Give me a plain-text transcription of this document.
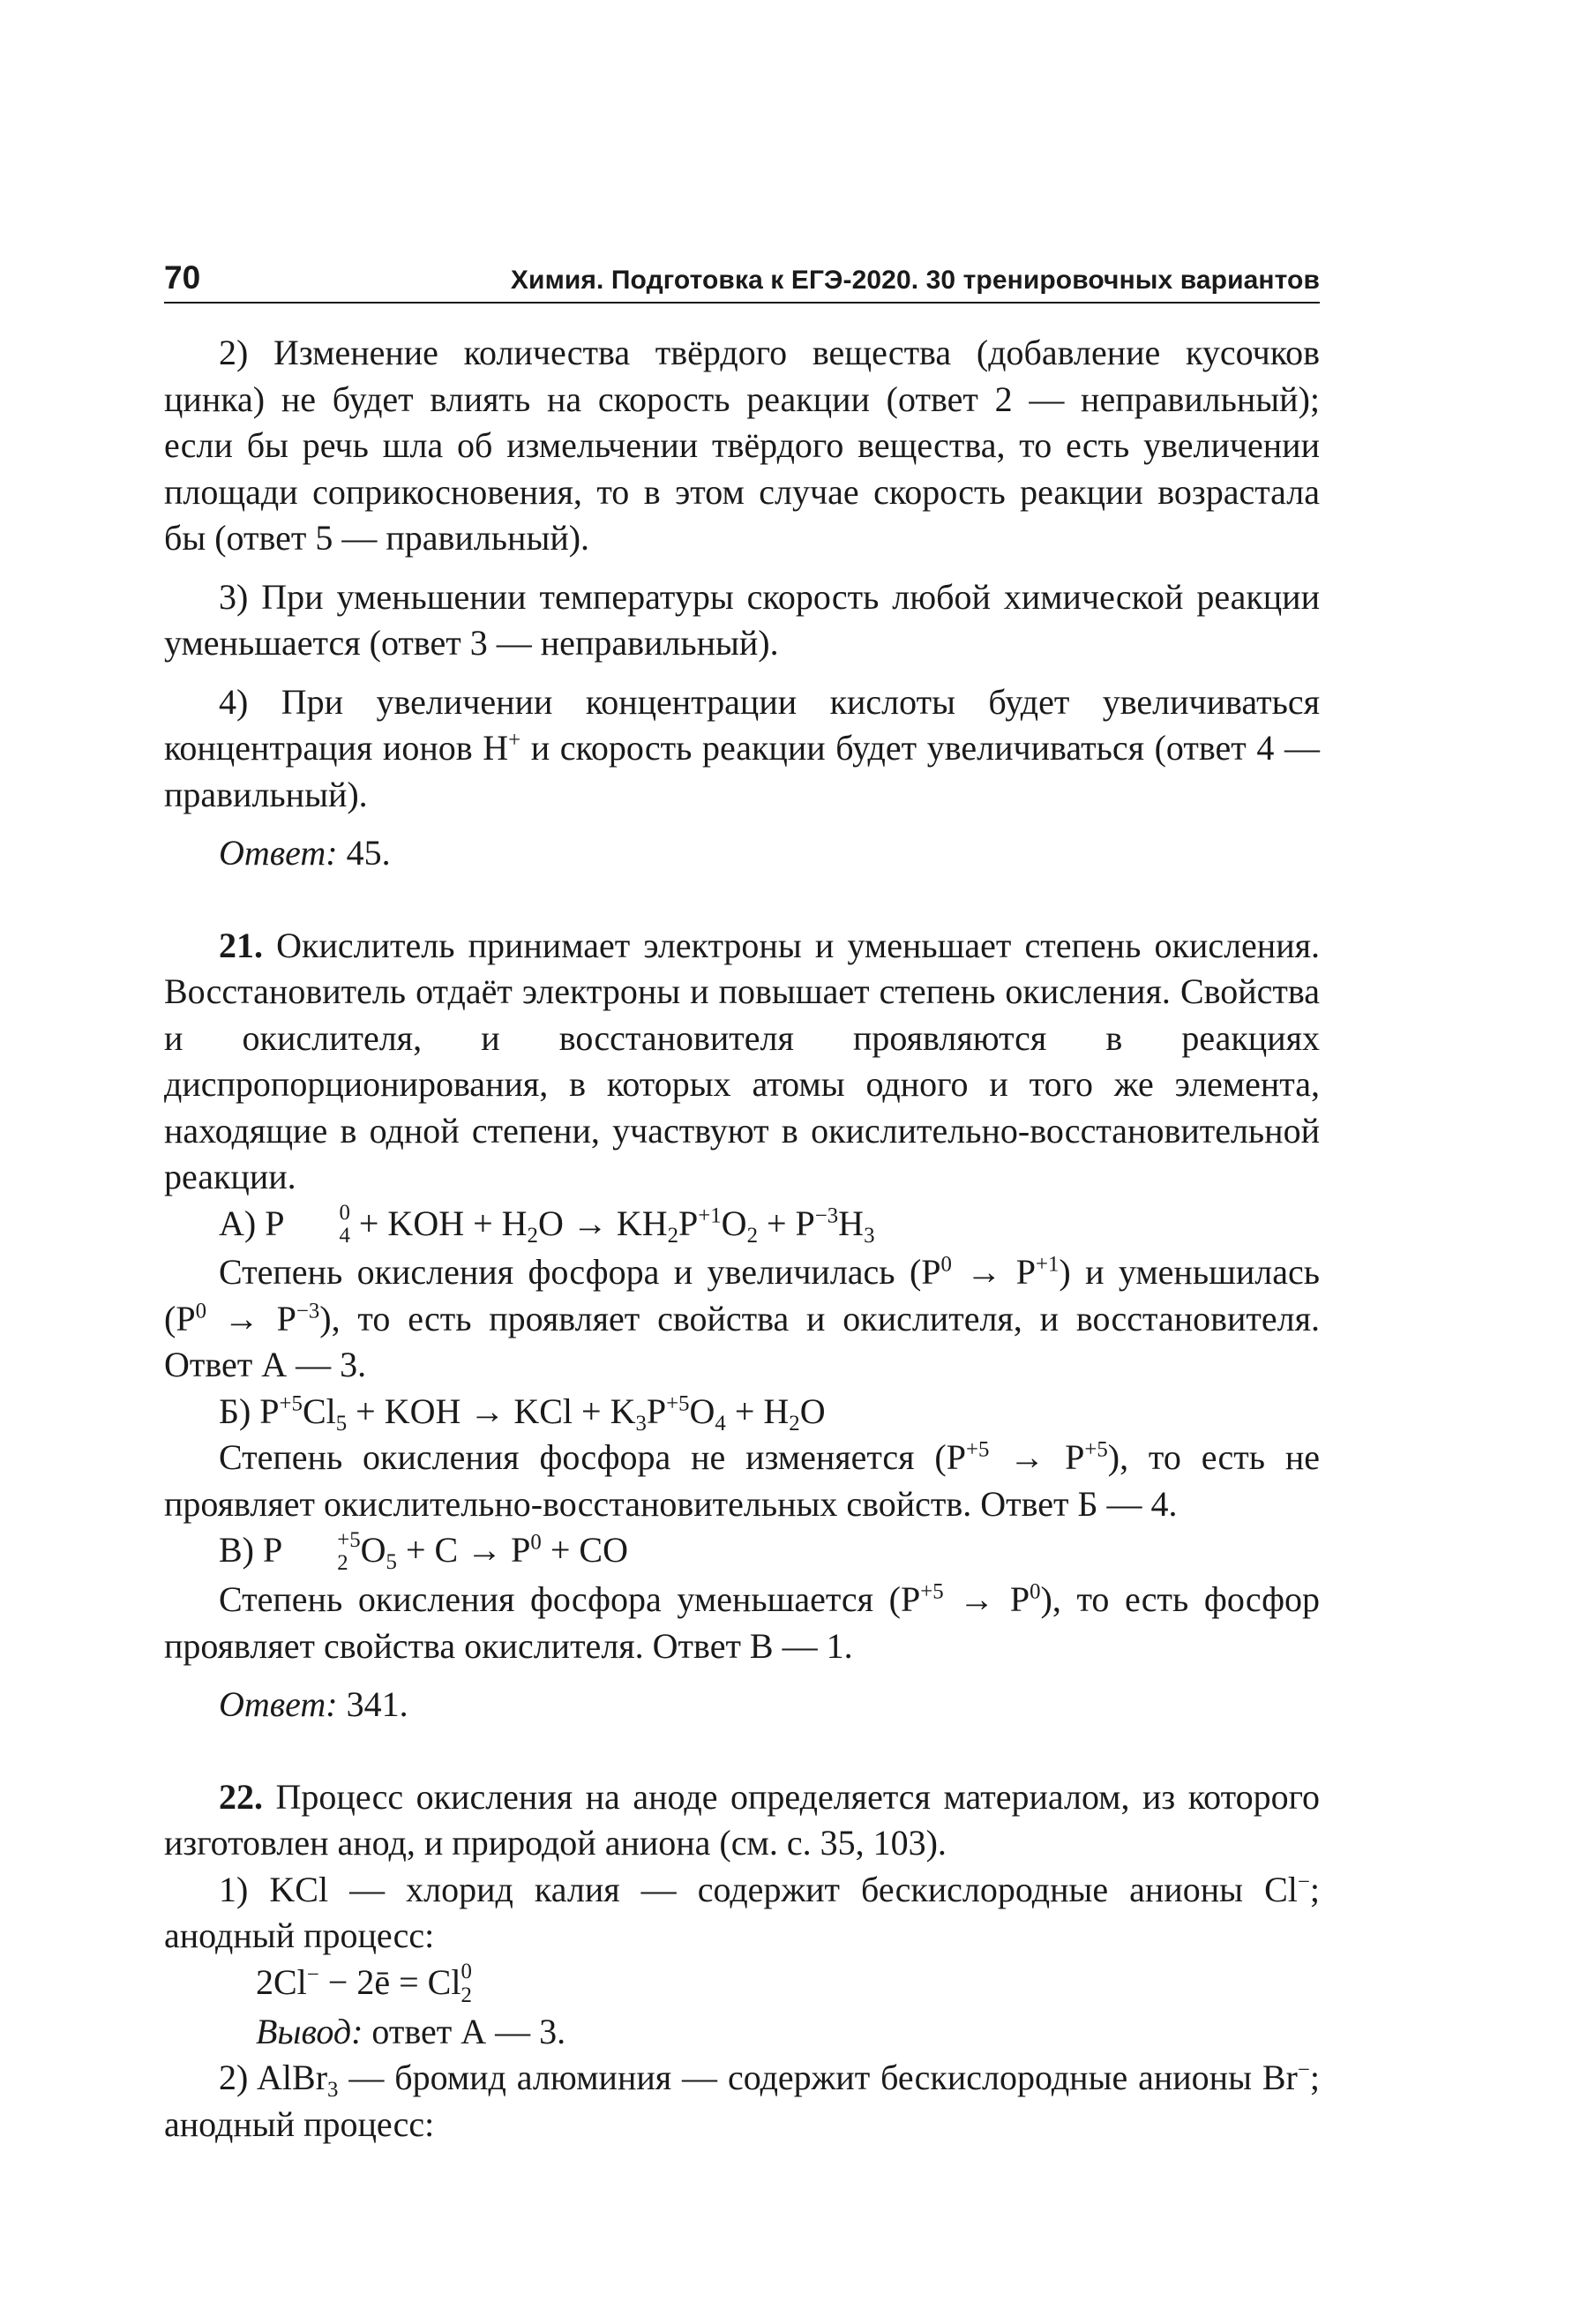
70	Химия. Подготовка к ЕГЭ-2020. 30 тренировочных вариантов

2) Изменение количества твёрдого вещества (добавление кусочков цинка) не будет влиять на скорость реакции (ответ 2 — неправильный); если бы речь шла об измельчении твёрдого вещества, то есть увеличении площади соприкосновения, то в этом случае скорость реакции возрастала бы (ответ 5 — правильный).

3) При уменьшении температуры скорость любой химической реакции уменьшается (ответ 3 — неправильный).

4) При увеличении концентрации кислоты будет увеличиваться концентрация ионов H+ и скорость реакции будет увеличиваться (ответ 4 — правильный).

Ответ: 45.

21. Окислитель принимает электроны и уменьшает степень окисления. Восстановитель отдаёт электроны и повышает степень окисления. Свойства и окислителя, и восстановителя проявляются в реакциях диспропорционирования, в которых атомы одного и того же элемента, находящие в одной степени, участвуют в окислительно-восстановительной реакции.

А) P	0
4 + KOH + $H_2O \to KH_2P^{+1}O_2 + P^{-3}H_3$

Степень окисления фосфора и увеличилась $(P^0 \to P^{+1})$ и уменьшилась $(P^0 \to P^{-3})$, то есть проявляет свойства и окислителя, и восстановителя. Ответ А — 3.

Б) $P^{+5}Cl_5$ + KOH → KCl + $K_3P^{+5}O_4 + H_2O$

Степень окисления фосфора не изменяется $(P^{+5} \to P^{+5})$, то есть не проявляет окислительно-восстановительных свойств. Ответ Б — 4.

В) P	+5
2 $O_5 + C \to P^0$ + CO

Степень окисления фосфора уменьшается $(P^{+5} \to P^0)$, то есть фосфор проявляет свойства окислителя. Ответ В — 1.

Ответ: 341.

22. Процесс окисления на аноде определяется материалом, из которого изготовлен анод, и природой аниона (см. с. 35, 103).

1) KCl — хлорид калия — содержит бескислородные анионы Cl−; анодный процесс:

2Cl− − 2ē = Cl 0
2

Вывод: ответ А — 3.

2) AlBr$_3$ — бромид алюминия — содержит бескислородные анионы Br−; анодный процесс:
